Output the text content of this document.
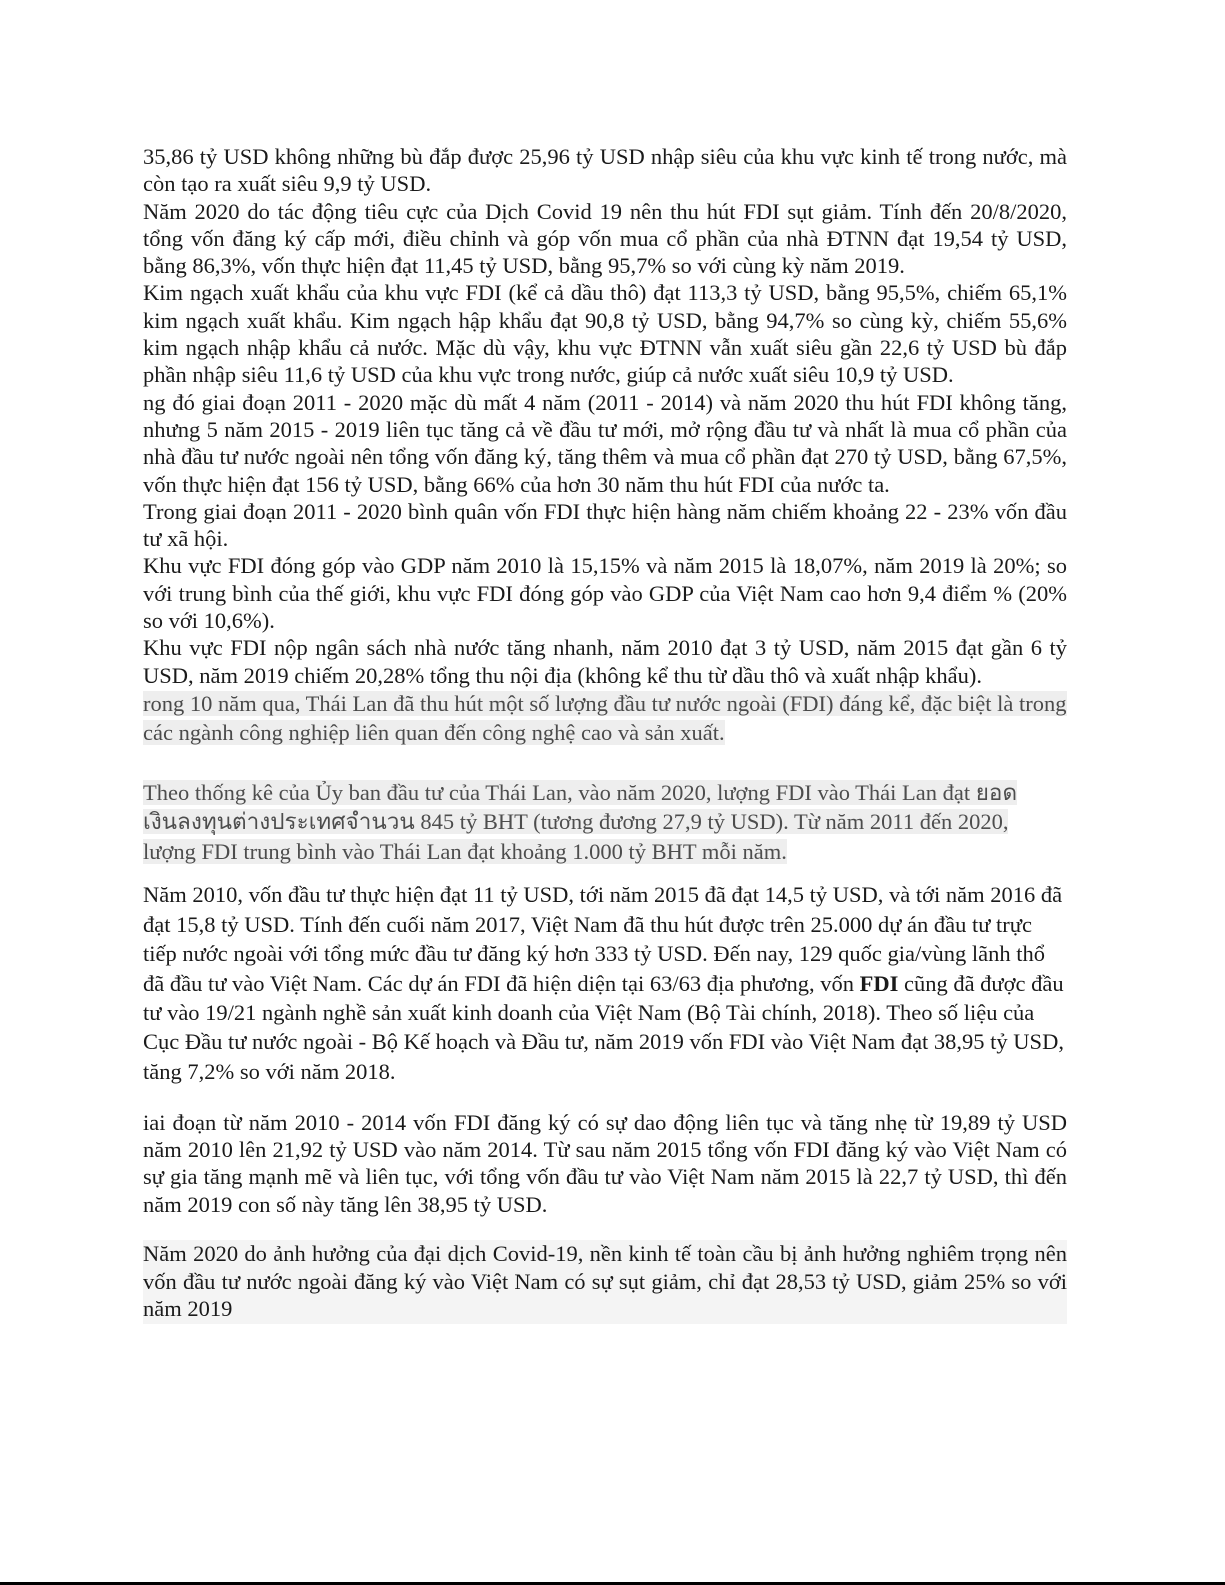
35,86 tỷ USD không những bù đắp được 25,96 tỷ USD nhập siêu của khu vực kinh tế trong nước, mà còn tạo ra xuất siêu 9,9 tỷ USD.

Năm 2020 do tác động tiêu cực của Dịch Covid 19 nên thu hút FDI sụt giảm. Tính đến 20/8/2020, tổng vốn đăng ký cấp mới, điều chỉnh và góp vốn mua cổ phần của nhà ĐTNN đạt 19,54 tỷ USD, bằng 86,3%, vốn thực hiện đạt 11,45 tỷ USD, bằng 95,7% so với cùng kỳ năm 2019.

Kim ngạch xuất khẩu của khu vực FDI (kể cả dầu thô) đạt 113,3 tỷ USD, bằng 95,5%, chiếm 65,1% kim ngạch xuất khẩu. Kim ngạch hập khẩu đạt 90,8 tỷ USD, bằng 94,7% so cùng kỳ, chiếm 55,6% kim ngạch nhập khẩu cả nước. Mặc dù vậy, khu vực ĐTNN vẫn xuất siêu gần 22,6 tỷ USD bù đắp phần nhập siêu 11,6 tỷ USD của khu vực trong nước, giúp cả nước xuất siêu 10,9 tỷ USD.

ng đó giai đoạn 2011 - 2020 mặc dù mất 4 năm (2011 - 2014) và năm 2020 thu hút FDI không tăng, nhưng 5 năm 2015 - 2019 liên tục tăng cả về đầu tư mới, mở rộng đầu tư và nhất là mua cổ phần của nhà đầu tư nước ngoài nên tổng vốn đăng ký, tăng thêm và mua cổ phần đạt 270 tỷ USD, bằng 67,5%, vốn thực hiện đạt 156 tỷ USD, bằng 66% của hơn 30 năm thu hút FDI của nước ta.

Trong giai đoạn 2011 - 2020 bình quân vốn FDI thực hiện hàng năm chiếm khoảng 22 - 23% vốn đầu tư xã hội.

Khu vực FDI đóng góp vào GDP năm 2010 là 15,15% và năm 2015 là 18,07%, năm 2019 là 20%; so với trung bình của thế giới, khu vực FDI đóng góp vào GDP của Việt Nam cao hơn 9,4 điểm % (20% so với 10,6%).

Khu vực FDI nộp ngân sách nhà nước tăng nhanh, năm 2010 đạt 3 tỷ USD, năm 2015 đạt gần 6 tỷ USD, năm 2019 chiếm 20,28% tổng thu nội địa (không kể thu từ dầu thô và xuất nhập khẩu).

rong 10 năm qua, Thái Lan đã thu hút một số lượng đầu tư nước ngoài (FDI) đáng kể, đặc biệt là trong các ngành công nghiệp liên quan đến công nghệ cao và sản xuất.

Theo thống kê của Ủy ban đầu tư của Thái Lan, vào năm 2020, lượng FDI vào Thái Lan đạt ยอด
เงินลงทุนต่างประเทศจำนวน 845 tỷ BHT (tương đương 27,9 tỷ USD). Từ năm 2011 đến 2020,
lượng FDI trung bình vào Thái Lan đạt khoảng 1.000 tỷ BHT mỗi năm.

Năm 2010, vốn đầu tư thực hiện đạt 11 tỷ USD, tới năm 2015 đã đạt 14,5 tỷ USD, và tới năm 2016 đã đạt 15,8 tỷ USD. Tính đến cuối năm 2017, Việt Nam đã thu hút được trên 25.000 dự án đầu tư trực tiếp nước ngoài với tổng mức đầu tư đăng ký hơn 333 tỷ USD. Đến nay, 129 quốc gia/vùng lãnh thổ đã đầu tư vào Việt Nam. Các dự án FDI đã hiện diện tại 63/63 địa phương, vốn FDI cũng đã được đầu tư vào 19/21 ngành nghề sản xuất kinh doanh của Việt Nam (Bộ Tài chính, 2018). Theo số liệu của Cục Đầu tư nước ngoài - Bộ Kế hoạch và Đầu tư, năm 2019 vốn FDI vào Việt Nam đạt 38,95 tỷ USD, tăng 7,2% so với năm 2018.

iai đoạn từ năm 2010 - 2014 vốn FDI đăng ký có sự dao động liên tục và tăng nhẹ từ 19,89 tỷ USD năm 2010 lên 21,92 tỷ USD vào năm 2014. Từ sau năm 2015 tổng vốn FDI đăng ký vào Việt Nam có sự gia tăng mạnh mẽ và liên tục, với tổng vốn đầu tư vào Việt Nam năm 2015 là 22,7 tỷ USD, thì đến năm 2019 con số này tăng lên 38,95 tỷ USD.

Năm 2020 do ảnh hưởng của đại dịch Covid-19, nền kinh tế toàn cầu bị ảnh hưởng nghiêm trọng nên vốn đầu tư nước ngoài đăng ký vào Việt Nam có sự sụt giảm, chỉ đạt 28,53 tỷ USD, giảm 25% so với năm 2019
